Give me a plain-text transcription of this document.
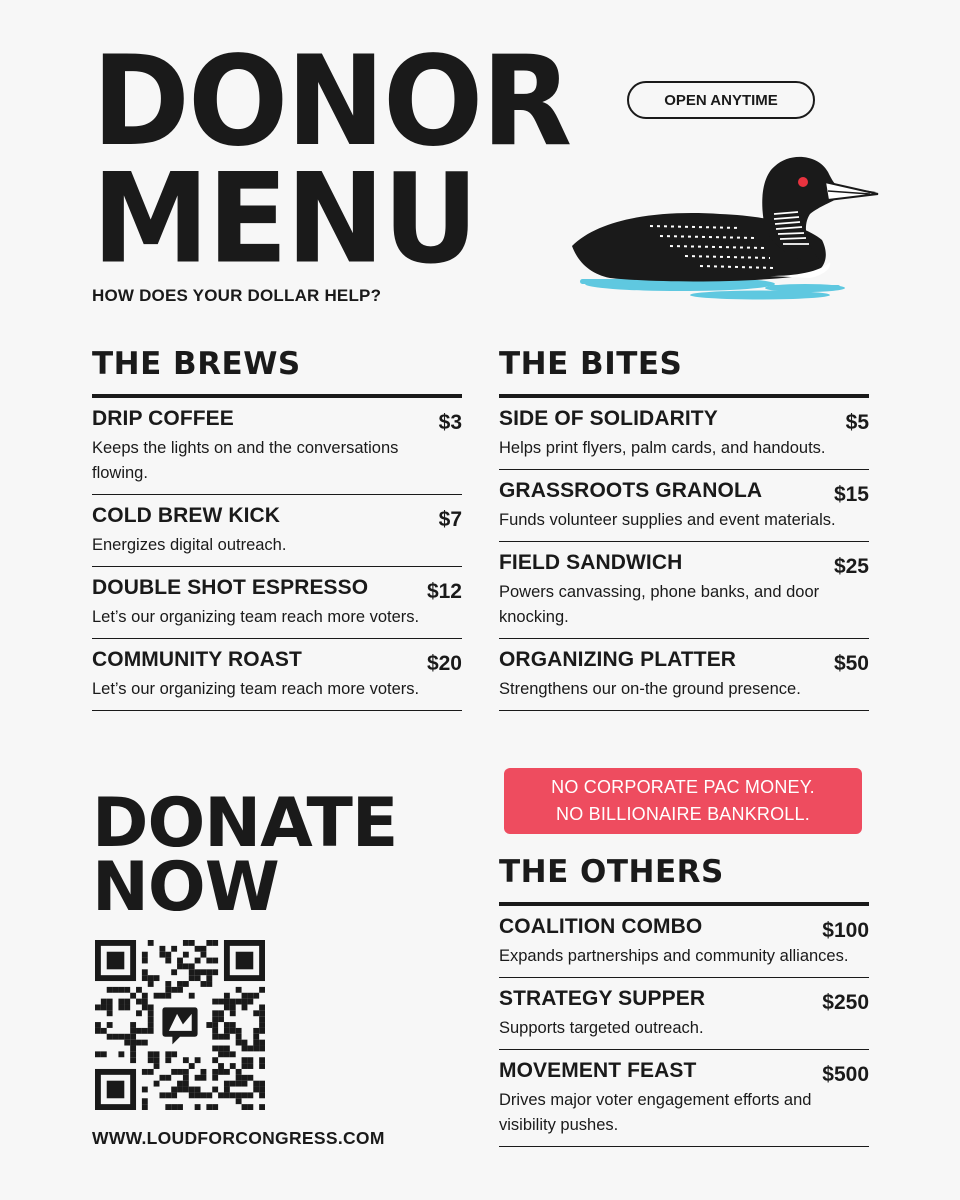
DONOR
MENU
HOW DOES YOUR DOLLAR HELP?
OPEN ANYTIME
THE BREWS
DRIP COFFEE	$3
Keeps the lights on and the conversations flowing.
COLD BREW KICK	$7
Energizes digital outreach.
DOUBLE SHOT ESPRESSO	$12
Let’s our organizing team reach more voters.
COMMUNITY ROAST	$20
Let’s our organizing team reach more voters.
THE BITES
SIDE OF SOLIDARITY	$5
Helps print flyers, palm cards, and handouts.
GRASSROOTS GRANOLA	$15
Funds volunteer supplies and event materials.
FIELD SANDWICH	$25
Powers canvassing, phone banks, and door knocking.
ORGANIZING PLATTER	$50
Strengthens our on-the ground presence.
NO CORPORATE PAC MONEY.
NO BILLIONAIRE BANKROLL.
THE OTHERS
COALITION COMBO	$100
Expands partnerships and community alliances.
STRATEGY SUPPER	$250
Supports targeted outreach.
MOVEMENT FEAST	$500
Drives major voter engagement efforts and visibility pushes.
DONATE
NOW
WWW.LOUDFORCONGRESS.COM
